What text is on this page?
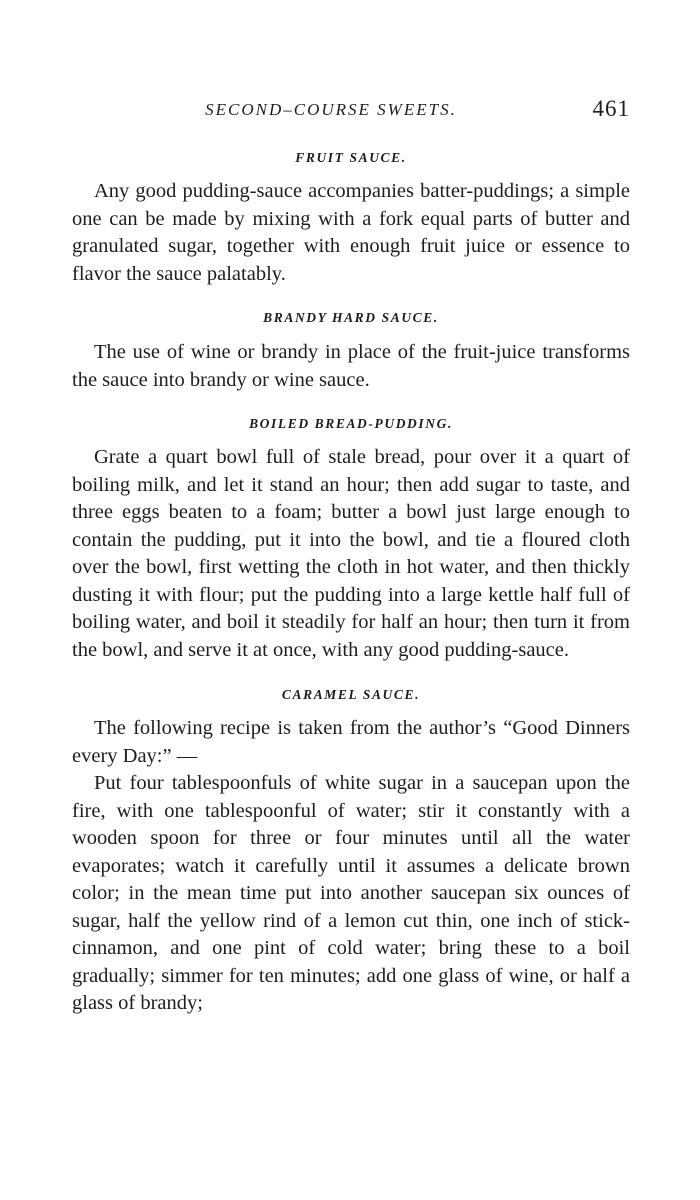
SECOND–COURSE SWEETS.	461
FRUIT SAUCE.

Any good pudding-sauce accompanies batter-puddings; a simple one can be made by mixing with a fork equal parts of butter and granulated sugar, together with enough fruit juice or essence to flavor the sauce palatably.

BRANDY HARD SAUCE.

The use of wine or brandy in place of the fruit-juice transforms the sauce into brandy or wine sauce.

BOILED BREAD-PUDDING.

Grate a quart bowl full of stale bread, pour over it a quart of boiling milk, and let it stand an hour; then add sugar to taste, and three eggs beaten to a foam; butter a bowl just large enough to contain the pudding, put it into the bowl, and tie a floured cloth over the bowl, first wetting the cloth in hot water, and then thickly dusting it with flour; put the pudding into a large kettle half full of boiling water, and boil it steadily for half an hour; then turn it from the bowl, and serve it at once, with any good pudding-sauce.

CARAMEL SAUCE.

The following recipe is taken from the author’s “Good Dinners every Day:” —

Put four tablespoonfuls of white sugar in a saucepan upon the fire, with one tablespoonful of water; stir it constantly with a wooden spoon for three or four minutes until all the water evaporates; watch it carefully until it assumes a delicate brown color; in the mean time put into another saucepan six ounces of sugar, half the yellow rind of a lemon cut thin, one inch of stick-cinnamon, and one pint of cold water; bring these to a boil gradually; simmer for ten minutes; add one glass of wine, or half a glass of brandy;
